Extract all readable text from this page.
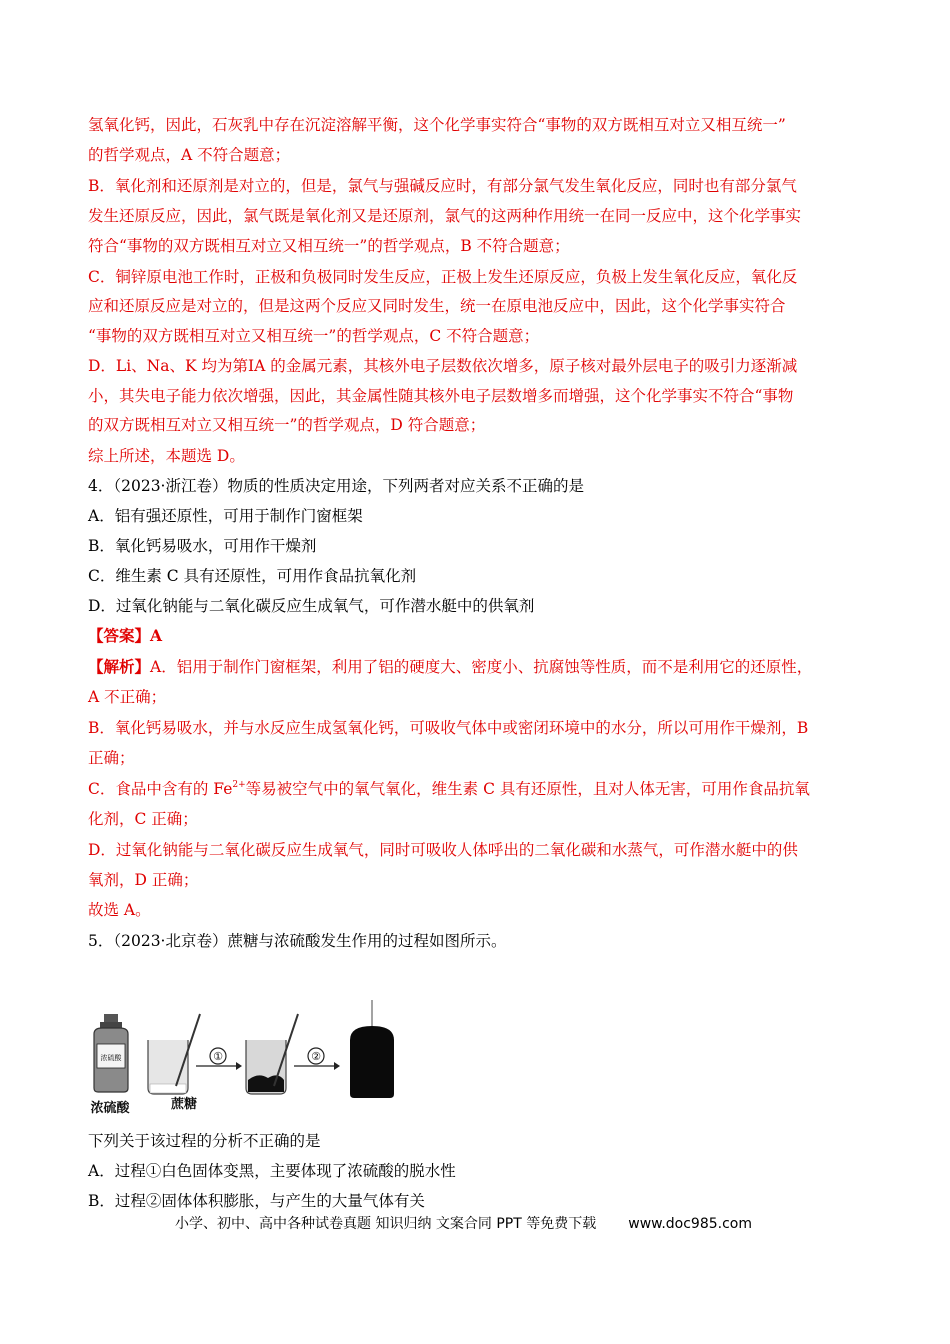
氢氧化钙，因此，石灰乳中存在沉淀溶解平衡，这个化学事实符合“事物的双方既相互对立又相互统一”
的哲学观点，A 不符合题意；
B．氧化剂和还原剂是对立的，但是，氯气与强碱反应时，有部分氯气发生氧化反应，同时也有部分氯气
发生还原反应，因此，氯气既是氧化剂又是还原剂，氯气的这两种作用统一在同一反应中，这个化学事实
符合“事物的双方既相互对立又相互统一”的哲学观点，B 不符合题意；
C．铜锌原电池工作时，正极和负极同时发生反应，正极上发生还原反应，负极上发生氧化反应，氧化反
应和还原反应是对立的，但是这两个反应又同时发生，统一在原电池反应中，因此，这个化学事实符合
“事物的双方既相互对立又相互统一”的哲学观点，C 不符合题意；
D．Li、Na、K 均为第ⅠA 的金属元素，其核外电子层数依次增多，原子核对最外层电子的吸引力逐渐减
小，其失电子能力依次增强，因此，其金属性随其核外电子层数增多而增强，这个化学事实不符合“事物
的双方既相互对立又相互统一”的哲学观点，D 符合题意；
综上所述，本题选 D。
4．（2023·浙江卷）物质的性质决定用途，下列两者对应关系不正确的是
A．铝有强还原性，可用于制作门窗框架
B．氧化钙易吸水，可用作干燥剂
C．维生素 C 具有还原性，可用作食品抗氧化剂
D．过氧化钠能与二氧化碳反应生成氧气，可作潜水艇中的供氧剂
【答案】A
【解析】A．铝用于制作门窗框架，利用了铝的硬度大、密度小、抗腐蚀等性质，而不是利用它的还原性，
A 不正确；
B．氧化钙易吸水，并与水反应生成氢氧化钙，可吸收气体中或密闭环境中的水分，所以可用作干燥剂，B
正确；
C．食品中含有的 $Fe^{2+}$等易被空气中的氧气氧化，维生素 C 具有还原性，且对人体无害，可用作食品抗氧
化剂，C 正确；
D．过氧化钠能与二氧化碳反应生成氧气，同时可吸收人体呼出的二氧化碳和水蒸气，可作潜水艇中的供
氧剂，D 正确；
故选 A。
5．（2023·北京卷）蔗糖与浓硫酸发生作用的过程如图所示。
浓硫酸	①	②
浓硫酸	蔗糖
下列关于该过程的分析不正确的是
A．过程①白色固体变黑，主要体现了浓硫酸的脱水性
B．过程②固体体积膨胀，与产生的大量气体有关
小学、初中、高中各种试卷真题 知识归纳 文案合同 PPT 等免费下载 www.doc985.com
